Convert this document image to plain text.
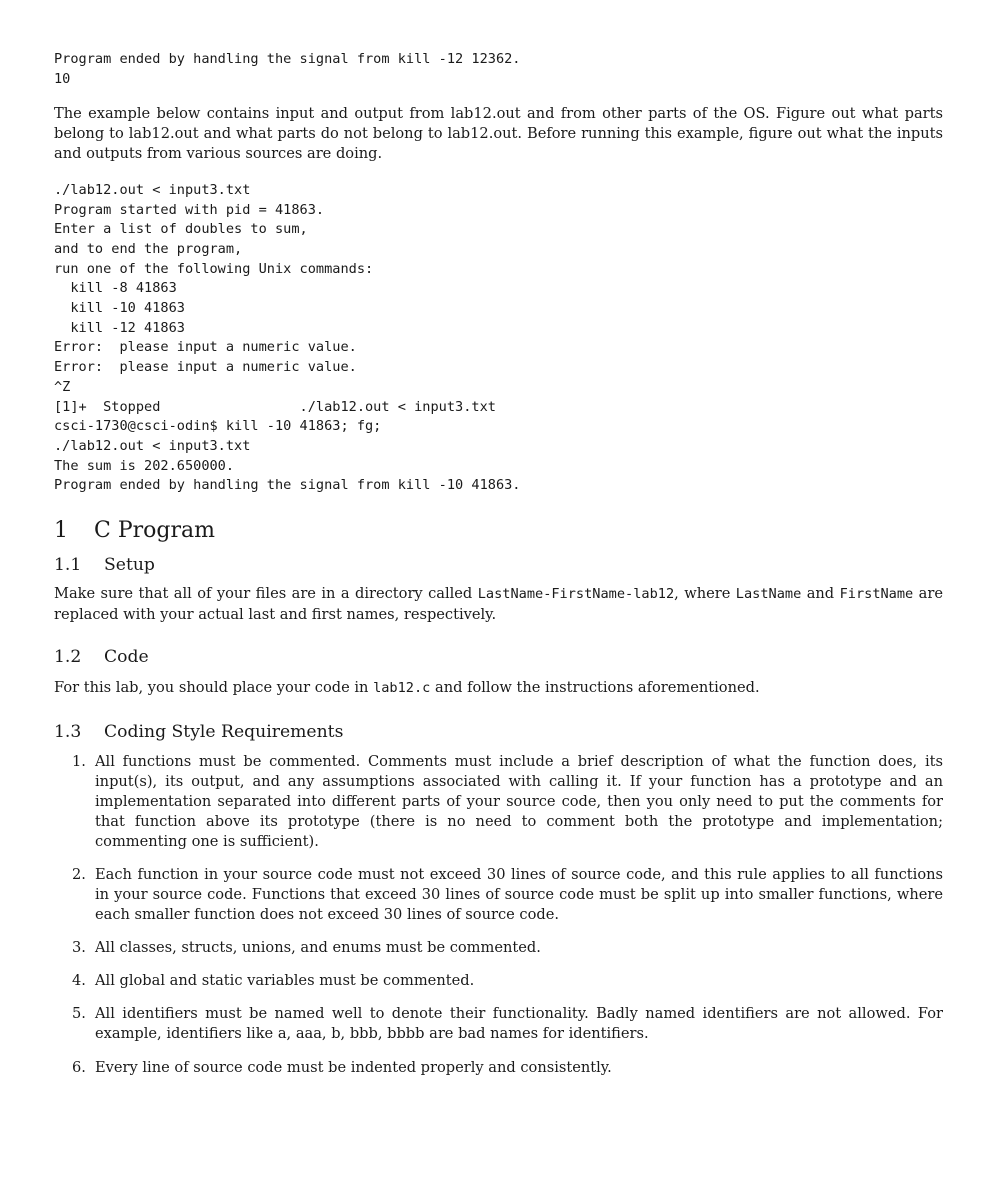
Program ended by handling the signal from kill -12 12362.
10

The example below contains input and output from lab12.out and from other parts of the OS. Figure out what parts belong to lab12.out and what parts do not belong to lab12.out. Before running this example, figure out what the inputs and outputs from various sources are doing.

./lab12.out < input3.txt
Program started with pid = 41863.
Enter a list of doubles to sum,
and to end the program,
run one of the following Unix commands:
kill -8 41863
kill -10 41863
kill -12 41863
Error:  please input a numeric value.
Error:  please input a numeric value.
^Z
[1]+  Stopped                 ./lab12.out < input3.txt
csci-1730@csci-odin$ kill -10 41863; fg;
./lab12.out < input3.txt
The sum is 202.650000.
Program ended by handling the signal from kill -10 41863.
1 C Program
1.1 Setup

Make sure that all of your files are in a directory called LastName-FirstName-lab12, where LastName and FirstName are replaced with your actual last and first names, respectively.

1.2 Code

For this lab, you should place your code in lab12.c and follow the instructions aforementioned.

1.3 Coding Style Requirements
1. All functions must be commented. Comments must include a brief description of what the function does, its input(s), its output, and any assumptions associated with calling it. If your function has a prototype and an implementation separated into different parts of your source code, then you only need to put the comments for that function above its prototype (there is no need to comment both the prototype and implementation; commenting one is sufficient).
2. Each function in your source code must not exceed 30 lines of source code, and this rule applies to all functions in your source code. Functions that exceed 30 lines of source code must be split up into smaller functions, where each smaller function does not exceed 30 lines of source code.
3. All classes, structs, unions, and enums must be commented.
4. All global and static variables must be commented.
5. All identifiers must be named well to denote their functionality. Badly named identifiers are not allowed. For example, identifiers like a, aaa, b, bbb, bbbb are bad names for identifiers.
6. Every line of source code must be indented properly and consistently.
